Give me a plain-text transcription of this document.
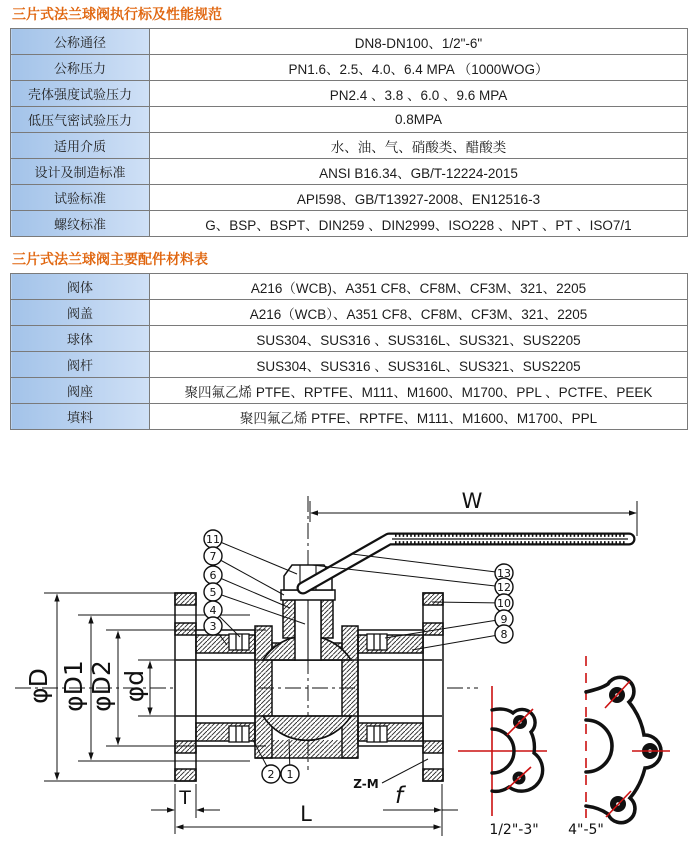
三片式法兰球阀执行标及性能规范
公称通径	DN8-DN100、1/2"-6"
公称压力	PN1.6、2.5、4.0、6.4 MPA （1000WOG）
壳体强度试验压力	PN2.4 、3.8 、6.0 、9.6 MPA
低压气密试验压力	0.8MPA
适用介质	水、油、气、硝酸类、醋酸类
设计及制造标准	ANSI B16.34、GB/T-12224-2015
试验标准	API598、GB/T13927-2008、EN12516-3
螺纹标准	G、BSP、BSPT、DIN259 、DIN2999、ISO228 、NPT 、PT 、ISO7/1
三片式法兰球阀主要配件材料表
阀体	A216（WCB)、A351 CF8、CF8M、CF3M、321、2205
阀盖	A216（WCB）、A351 CF8、CF8M、CF3M、321、2205
球体	SUS304、SUS316 、SUS316L、SUS321、SUS2205
阀杆	SUS304、SUS316 、SUS316L、SUS321、SUS2205
阀座	聚四氟乙烯 PTFE、RPTFE、M111、M1600、M1700、PPL 、PCTFE、PEEK
填料	聚四氟乙烯 PTFE、RPTFE、M111、M1600、M1700、PPL
W
φD φD1 φD2 φd
T
L
f
Z-M
11
7
6
5
4
3
13
12
10
9
8
2 1
1/2"-3" 4"-5"
